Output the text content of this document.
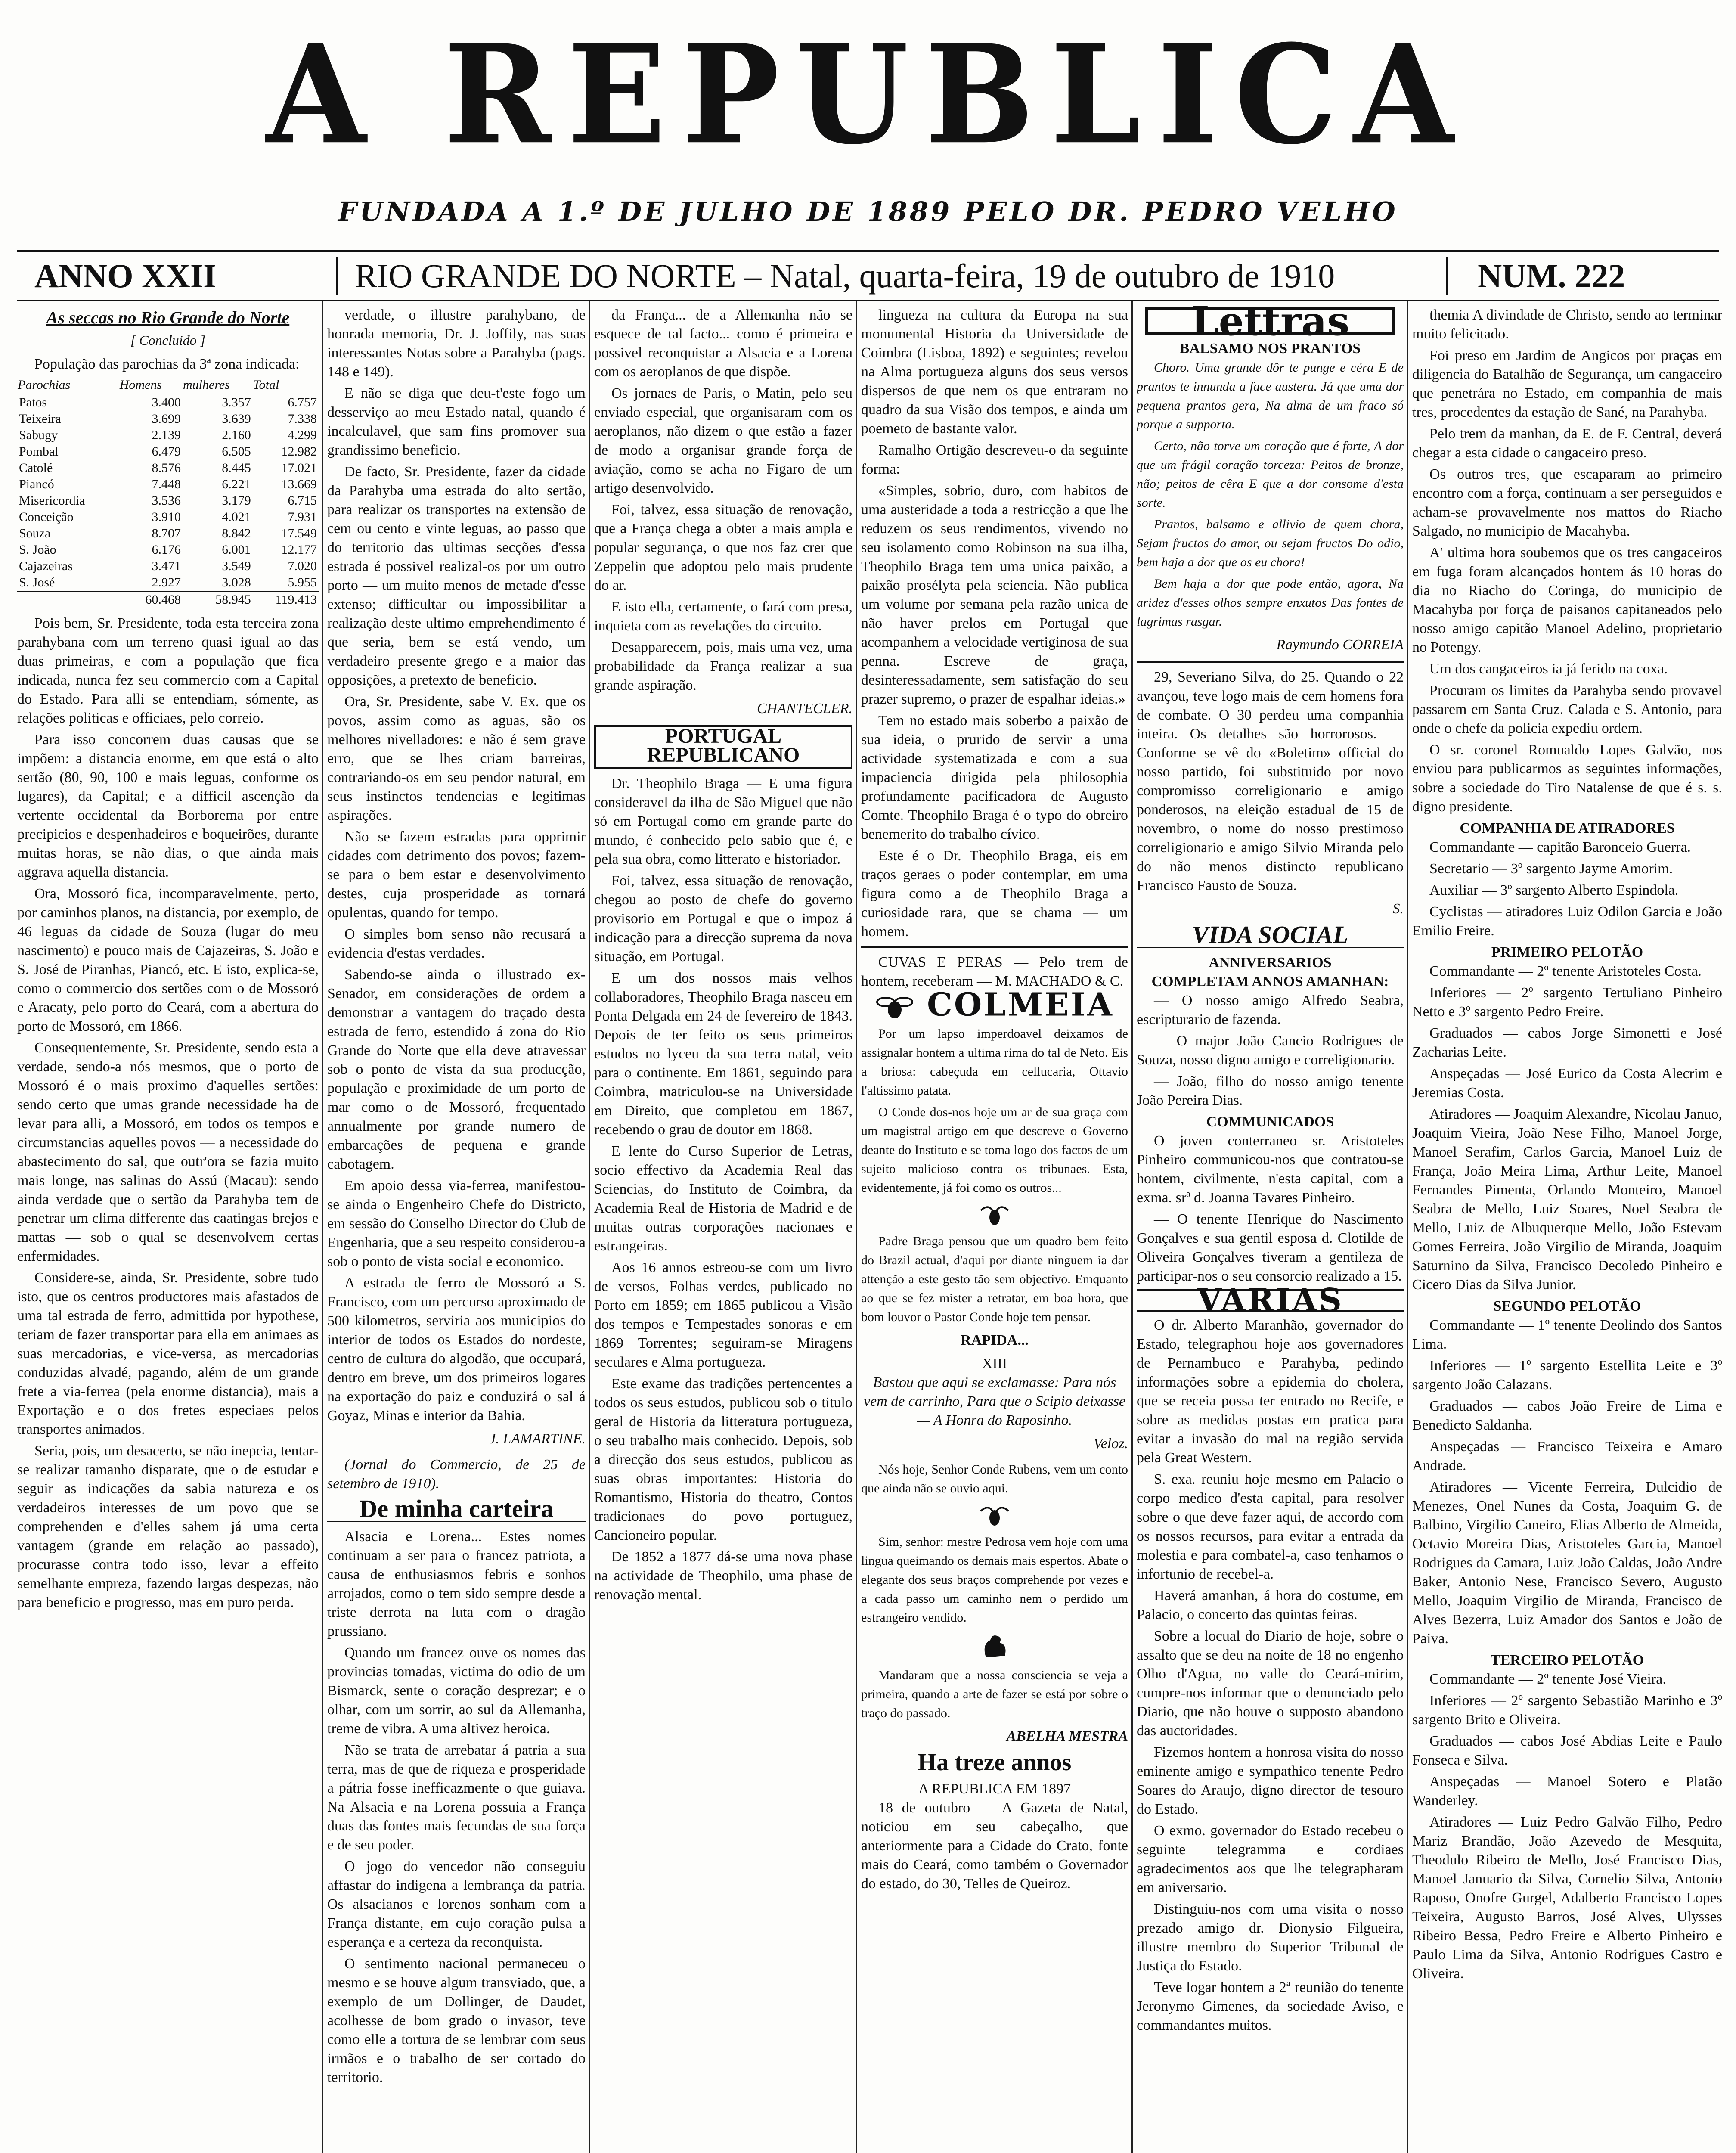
A REPUBLICA
FUNDADA A 1.º DE JULHO DE 1889 PELO DR. PEDRO VELHO
ANNO XXII	RIO GRANDE DO NORTE – Natal, quarta-feira, 19 de outubro de 1910	NUM. 222
As seccas no Rio Grande do Norte
[ Concluido ]

População das parochias da 3ª zona indicada:

Parochias	Homens	mulheres	Total
Patos	3.400	3.357	6.757
Teixeira	3.699	3.639	7.338
Sabugy	2.139	2.160	4.299
Pombal	6.479	6.505	12.982
Catolé	8.576	8.445	17.021
Piancó	7.448	6.221	13.669
Misericordia	3.536	3.179	6.715
Conceição	3.910	4.021	7.931
Souza	8.707	8.842	17.549
S. João	6.176	6.001	12.177
Cajazeiras	3.471	3.549	7.020
S. José	2.927	3.028	5.955
	60.468	58.945	119.413

Pois bem, Sr. Presidente, toda esta terceira zona parahybana com um terreno quasi igual ao das duas primeiras, e com a população que fica indicada, nunca fez seu commercio com a Capital do Estado. Para alli se entendiam, sómente, as relações politicas e officiaes, pelo correio.

Para isso concorrem duas causas que se impõem: a distancia enorme, em que está o alto sertão (80, 90, 100 e mais leguas, conforme os lugares), da Capital; e a difficil ascenção da vertente occidental da Borborema por entre precipicios e despenhadeiros e boqueirões, durante muitas horas, se não dias, o que ainda mais aggrava aquella distancia.

Ora, Mossoró fica, incomparavelmente, perto, por caminhos planos, na distancia, por exemplo, de 46 leguas da cidade de Souza (lugar do meu nascimento) e pouco mais de Cajazeiras, S. João e S. José de Piranhas, Piancó, etc. E isto, explica-se, como o commercio dos sertões com o de Mossoró e Aracaty, pelo porto do Ceará, com a abertura do porto de Mossoró, em 1866.

Consequentemente, Sr. Presidente, sendo esta a verdade, sendo-a nós mesmos, que o porto de Mossoró é o mais proximo d'aquelles sertões: sendo certo que umas grande necessidade ha de levar para alli, a Mossoró, em todos os tempos e circumstancias aquelles povos — a necessidade do abastecimento do sal, que outr'ora se fazia muito mais longe, nas salinas do Assú (Macau): sendo ainda verdade que o sertão da Parahyba tem de penetrar um clima differente das caatingas brejos e mattas — sob o qual se desenvolvem certas enfermidades.

Considere-se, ainda, Sr. Presidente, sobre tudo isto, que os centros productores mais afastados de uma tal estrada de ferro, admittida por hypothese, teriam de fazer transportar para ella em animaes as suas mercadorias, e vice-versa, as mercadorias conduzidas alvadé, pagando, além de um grande frete a via-ferrea (pela enorme distancia), mais a Exportação e o dos fretes especiaes pelos transportes animados.

Seria, pois, um desacerto, se não inepcia, tentar-se realizar tamanho disparate, que o de estudar e seguir as indicações da sabia natureza e os verdadeiros interesses de um povo que se comprehenden e d'elles sahem já uma certa vantagem (grande em relação ao passado), procurasse contra todo isso, levar a effeito semelhante empreza, fazendo largas despezas, não para beneficio e progresso, mas em puro perda.

verdade, o illustre parahybano, de honrada memoria, Dr. J. Joffily, nas suas interessantes Notas sobre a Parahyba (pags. 148 e 149).

E não se diga que deu-t'este fogo um desserviço ao meu Estado natal, quando é incalculavel, que sam fins promover sua grandissimo beneficio.

De facto, Sr. Presidente, fazer da cidade da Parahyba uma estrada do alto sertão, para realizar os transportes na extensão de cem ou cento e vinte leguas, ao passo que do territorio das ultimas secções d'essa estrada é possivel realizal-os por um outro porto — um muito menos de metade d'esse extenso; difficultar ou impossibilitar a realização deste ultimo emprehendimento é que seria, bem se está vendo, um verdadeiro presente grego e a maior das opposições, a pretexto de beneficio.

Ora, Sr. Presidente, sabe V. Ex. que os povos, assim como as aguas, são os melhores nivelladores: e não é sem grave erro, que se lhes criam barreiras, contrariando-os em seu pendor natural, em seus instinctos tendencias e legitimas aspirações.

Não se fazem estradas para opprimir cidades com detrimento dos povos; fazem-se para o bem estar e desenvolvimento destes, cuja prosperidade as tornará opulentas, quando for tempo.

O simples bom senso não recusará a evidencia d'estas verdades.

Sabendo-se ainda o illustrado ex-Senador, em considerações de ordem a demonstrar a vantagem do traçado desta estrada de ferro, estendido á zona do Rio Grande do Norte que ella deve atravessar sob o ponto de vista da sua producção, população e proximidade de um porto de mar como o de Mossoró, frequentado annualmente por grande numero de embarcações de pequena e grande cabotagem.

Em apoio dessa via-ferrea, manifestou-se ainda o Engenheiro Chefe do Districto, em sessão do Conselho Director do Club de Engenharia, que a seu respeito considerou-a sob o ponto de vista social e economico.

A estrada de ferro de Mossoró a S. Francisco, com um percurso aproximado de 500 kilometros, serviria aos municipios do interior de todos os Estados do nordeste, centro de cultura do algodão, que occupará, dentro em breve, um dos primeiros logares na exportação do paiz e conduzirá o sal á Goyaz, Minas e interior da Bahia.

J. LAMARTINE.

(Jornal do Commercio, de 25 de setembro de 1910).

De minha carteira

Alsacia e Lorena... Estes nomes continuam a ser para o francez patriota, a causa de enthusiasmos febris e sonhos arrojados, como o tem sido sempre desde a triste derrota na luta com o dragão prussiano.

Quando um francez ouve os nomes das provincias tomadas, victima do odio de um Bismarck, sente o coração desprezar; e o olhar, com um sorrir, ao sul da Allemanha, treme de vibra. A uma altivez heroica.

Não se trata de arrebatar á patria a sua terra, mas de que de riqueza e prosperidade a pátria fosse inefficazmente o que guiava. Na Alsacia e na Lorena possuia a França duas das fontes mais fecundas de sua força e de seu poder.

O jogo do vencedor não conseguiu affastar do indigena a lembrança da patria. Os alsacianos e lorenos sonham com a França distante, em cujo coração pulsa a esperança e a certeza da reconquista.

O sentimento nacional permaneceu o mesmo e se houve algum transviado, que, a exemplo de um Dollinger, de Daudet, acolhesse de bom grado o invasor, teve como elle a tortura de se lembrar com seus irmãos e o trabalho de ser cortado do territorio.

da França... de a Allemanha não se esquece de tal facto... como é primeira e possivel reconquistar a Alsacia e a Lorena com os aeroplanos de que dispõe.

Os jornaes de Paris, o Matin, pelo seu enviado especial, que organisaram com os aeroplanos, não dizem o que estão a fazer de modo a organisar grande força de aviação, como se acha no Figaro de um artigo desenvolvido.

Foi, talvez, essa situação de renovação, que a França chega a obter a mais ampla e popular segurança, o que nos faz crer que Zeppelin que adoptou pelo mais prudente do ar.

E isto ella, certamente, o fará com presa, inquieta com as revelações do circuito.

Desapparecem, pois, mais uma vez, uma probabilidade da França realizar a sua grande aspiração.

CHANTECLER.
PORTUGAL REPUBLICANO

Dr. Theophilo Braga — E uma figura consideravel da ilha de São Miguel que não só em Portugal como em grande parte do mundo, é conhecido pelo sabio que é, e pela sua obra, como litterato e historiador.

Foi, talvez, essa situação de renovação, chegou ao posto de chefe do governo provisorio em Portugal e que o impoz á indicação para a direcção suprema da nova situação, em Portugal.

E um dos nossos mais velhos collaboradores, Theophilo Braga nasceu em Ponta Delgada em 24 de fevereiro de 1843. Depois de ter feito os seus primeiros estudos no lyceu da sua terra natal, veio para o continente. Em 1861, seguindo para Coimbra, matriculou-se na Universidade em Direito, que completou em 1867, recebendo o grau de doutor em 1868.

E lente do Curso Superior de Letras, socio effectivo da Academia Real das Sciencias, do Instituto de Coimbra, da Academia Real de Historia de Madrid e de muitas outras corporações nacionaes e estrangeiras.

Aos 16 annos estreou-se com um livro de versos, Folhas verdes, publicado no Porto em 1859; em 1865 publicou a Visão dos tempos e Tempestades sonoras e em 1869 Torrentes; seguiram-se Miragens seculares e Alma portugueza.

Este exame das tradições pertencentes a todos os seus estudos, publicou sob o titulo geral de Historia da litteratura portugueza, o seu trabalho mais conhecido. Depois, sob a direcção dos seus estudos, publicou as suas obras importantes: Historia do Romantismo, Historia do theatro, Contos tradicionaes do povo portuguez, Cancioneiro popular.

De 1852 a 1877 dá-se uma nova phase na actividade de Theophilo, uma phase de renovação mental.

lingueza na cultura da Europa na sua monumental Historia da Universidade de Coimbra (Lisboa, 1892) e seguintes; revelou na Alma portugueza alguns dos seus versos dispersos de que nem os que entraram no quadro da sua Visão dos tempos, e ainda um poemeto de bastante valor.

Ramalho Ortigão descreveu-o da seguinte forma:

«Simples, sobrio, duro, com habitos de uma austeridade a toda a restricção a que lhe reduzem os seus rendimentos, vivendo no seu isolamento como Robinson na sua ilha, Theophilo Braga tem uma unica paixão, a paixão prosélyta pela sciencia. Não publica um volume por semana pela razão unica de não haver prelos em Portugal que acompanhem a velocidade vertiginosa de sua penna. Escreve de graça, desinteressadamente, sem satisfação do seu prazer supremo, o prazer de espalhar ideias.»

Tem no estado mais soberbo a paixão de sua ideia, o prurido de servir a uma actividade systematizada e com a sua impaciencia dirigida pela philosophia profundamente pacificadora de Augusto Comte. Theophilo Braga é o typo do obreiro benemerito do trabalho cívico.

Este é o Dr. Theophilo Braga, eis em traços geraes o poder contemplar, em uma figura como a de Theophilo Braga a curiosidade rara, que se chama — um homem.

CUVAS E PERAS — Pelo trem de hontem, receberam — M. MACHADO & C.

COLMEIA

Por um lapso imperdoavel deixamos de assignalar hontem a ultima rima do tal de Neto. Eis a briosa: cabeçuda em cellucaria, Ottavio l'altissimo patata.

O Conde dos-nos hoje um ar de sua graça com um magistral artigo em que descreve o Governo deante do Instituto e se toma logo dos factos de um sujeito malicioso contra os tribunaes. Esta, evidentemente, já foi como os outros...

Padre Braga pensou que um quadro bem feito do Brazil actual, d'aqui por diante ninguem ia dar attenção a este gesto tão sem objectivo. Emquanto ao que se fez mister a retratar, em boa hora, que bom louvor o Pastor Conde hoje tem pensar.

RAPIDA...
XIII

Bastou que aqui se exclamasse: Para nós vem de carrinho, Para que o Scipio deixasse — A Honra do Raposinho.

Veloz.

Nós hoje, Senhor Conde Rubens, vem um conto que ainda não se ouvio aqui.

Sim, senhor: mestre Pedrosa vem hoje com uma lingua queimando os demais mais espertos. Abate o elegante dos seus braços comprehende por vezes e a cada passo um caminho nem o perdido um estrangeiro vendido.

Mandaram que a nossa consciencia se veja a primeira, quando a arte de fazer se está por sobre o traço do passado.

ABELHA MESTRA
Ha treze annos
A REPUBLICA EM 1897

18 de outubro — A Gazeta de Natal, noticiou em seu cabeçalho, que anteriormente para a Cidade do Crato, fonte mais do Ceará, como também o Governador do estado, do 30, Telles de Queiroz.

Lettras
BALSAMO NOS PRANTOS

Choro. Uma grande dôr te punge e céra E de prantos te innunda a face austera. Já que uma dor pequena prantos gera, Na alma de um fraco só porque a supporta.

Certo, não torve um coração que é forte, A dor que um frágil coração torceza: Peitos de bronze, não; peitos de cêra E que a dor consome d'esta sorte.

Prantos, balsamo e allivio de quem chora, Sejam fructos do amor, ou sejam fructos Do odio, bem haja a dor que os eu chora!

Bem haja a dor que pode então, agora, Na aridez d'esses olhos sempre enxutos Das fontes de lagrimas rasgar.

Raymundo CORREIA

29, Severiano Silva, do 25. Quando o 22 avançou, teve logo mais de cem homens fora de combate. O 30 perdeu uma companhia inteira. Os detalhes são horrorosos. — Conforme se vê do «Boletim» official do nosso partido, foi substituido por novo compromisso correligionario e amigo ponderosos, na eleição estadual de 15 de novembro, o nome do nosso prestimoso correligionario e amigo Silvio Miranda pelo do não menos distincto republicano Francisco Fausto de Souza.

S.
VIDA SOCIAL
ANNIVERSARIOS
COMPLETAM ANNOS AMANHAN:

— O nosso amigo Alfredo Seabra, escripturario de fazenda.

— O major João Cancio Rodrigues de Souza, nosso digno amigo e correligionario.

— João, filho do nosso amigo tenente João Pereira Dias.

COMMUNICADOS

O joven conterraneo sr. Aristoteles Pinheiro communicou-nos que contratou-se hontem, civilmente, n'esta capital, com a exma. srª d. Joanna Tavares Pinheiro.

— O tenente Henrique do Nascimento Gonçalves e sua gentil esposa d. Clotilde de Oliveira Gonçalves tiveram a gentileza de participar-nos o seu consorcio realizado a 15.

VARIAS

O dr. Alberto Maranhão, governador do Estado, telegraphou hoje aos governadores de Pernambuco e Parahyba, pedindo informações sobre a epidemia do cholera, que se receia possa ter entrado no Recife, e sobre as medidas postas em pratica para evitar a invasão do mal na região servida pela Great Western.

S. exa. reuniu hoje mesmo em Palacio o corpo medico d'esta capital, para resolver sobre o que deve fazer aqui, de accordo com os nossos recursos, para evitar a entrada da molestia e para combatel-a, caso tenhamos o infortunio de recebel-a.

Haverá amanhan, á hora do costume, em Palacio, o concerto das quintas feiras.

Sobre a locual do Diario de hoje, sobre o assalto que se deu na noite de 18 no engenho Olho d'Agua, no valle do Ceará-mirim, cumpre-nos informar que o denunciado pelo Diario, que não houve o supposto abandono das auctoridades.

Fizemos hontem a honrosa visita do nosso eminente amigo e sympathico tenente Pedro Soares do Araujo, digno director de tesouro do Estado.

O exmo. governador do Estado recebeu o seguinte telegramma e cordiaes agradecimentos aos que lhe telegrapharam em aniversario.

Distinguiu-nos com uma visita o nosso prezado amigo dr. Dionysio Filgueira, illustre membro do Superior Tribunal de Justiça do Estado.

Teve logar hontem a 2ª reunião do tenente Jeronymo Gimenes, da sociedade Aviso, e commandantes muitos.

themia A divindade de Christo, sendo ao terminar muito felicitado.

Foi preso em Jardim de Angicos por praças em diligencia do Batalhão de Segurança, um cangaceiro que penetrára no Estado, em companhia de mais tres, procedentes da estação de Sané, na Parahyba.

Pelo trem da manhan, da E. de F. Central, deverá chegar a esta cidade o cangaceiro preso.

Os outros tres, que escaparam ao primeiro encontro com a força, continuam a ser perseguidos e acham-se provavelmente nos mattos do Riacho Salgado, no municipio de Macahyba.

A' ultima hora soubemos que os tres cangaceiros em fuga foram alcançados hontem ás 10 horas do dia no Riacho do Coringa, do municipio de Macahyba por força de paisanos capitaneados pelo nosso amigo capitão Manoel Adelino, proprietario no Potengy.

Um dos cangaceiros ia já ferido na coxa.

Procuram os limites da Parahyba sendo provavel passarem em Santa Cruz. Calada e S. Antonio, para onde o chefe da policia expediu ordem.

O sr. coronel Romualdo Lopes Galvão, nos enviou para publicarmos as seguintes informações, sobre a sociedade do Tiro Natalense de que é s. s. digno presidente.

COMPANHIA DE ATIRADORES

Commandante — capitão Baronceio Guerra.

Secretario — 3º sargento Jayme Amorim.

Auxiliar — 3º sargento Alberto Espindola.

Cyclistas — atiradores Luiz Odilon Garcia e João Emilio Freire.

PRIMEIRO PELOTÃO

Commandante — 2º tenente Aristoteles Costa.

Inferiores — 2º sargento Tertuliano Pinheiro Netto e 3º sargento Pedro Freire.

Graduados — cabos Jorge Simonetti e José Zacharias Leite.

Anspeçadas — José Eurico da Costa Alecrim e Jeremias Costa.

Atiradores — Joaquim Alexandre, Nicolau Januo, Joaquim Vieira, João Nese Filho, Manoel Jorge, Manoel Serafim, Carlos Garcia, Manoel Luiz de França, João Meira Lima, Arthur Leite, Manoel Fernandes Pimenta, Orlando Monteiro, Manoel Seabra de Mello, Luiz Soares, Noel Seabra de Mello, Luiz de Albuquerque Mello, João Estevam Gomes Ferreira, João Virgilio de Miranda, Joaquim Saturnino da Silva, Francisco Decoledo Pinheiro e Cicero Dias da Silva Junior.

SEGUNDO PELOTÃO

Commandante — 1º tenente Deolindo dos Santos Lima.

Inferiores — 1º sargento Estellita Leite e 3º sargento João Calazans.

Graduados — cabos João Freire de Lima e Benedicto Saldanha.

Anspeçadas — Francisco Teixeira e Amaro Andrade.

Atiradores — Vicente Ferreira, Dulcidio de Menezes, Onel Nunes da Costa, Joaquim G. de Balbino, Virgilio Caneiro, Elias Alberto de Almeida, Octavio Moreira Dias, Aristoteles Garcia, Manoel Rodrigues da Camara, Luiz João Caldas, João Andre Baker, Antonio Nese, Francisco Severo, Augusto Mello, Joaquim Virgilio de Miranda, Francisco de Alves Bezerra, Luiz Amador dos Santos e João de Paiva.

TERCEIRO PELOTÃO

Commandante — 2º tenente José Vieira.

Inferiores — 2º sargento Sebastião Marinho e 3º sargento Brito e Oliveira.

Graduados — cabos José Abdias Leite e Paulo Fonseca e Silva.

Anspeçadas — Manoel Sotero e Platão Wanderley.

Atiradores — Luiz Pedro Galvão Filho, Pedro Mariz Brandão, João Azevedo de Mesquita, Theodulo Ribeiro de Mello, José Francisco Dias, Manoel Januario da Silva, Cornelio Silva, Antonio Raposo, Onofre Gurgel, Adalberto Francisco Lopes Teixeira, Augusto Barros, José Alves, Ulysses Ribeiro Bessa, Pedro Freire e Alberto Pinheiro e Paulo Lima da Silva, Antonio Rodrigues Castro e Oliveira.
